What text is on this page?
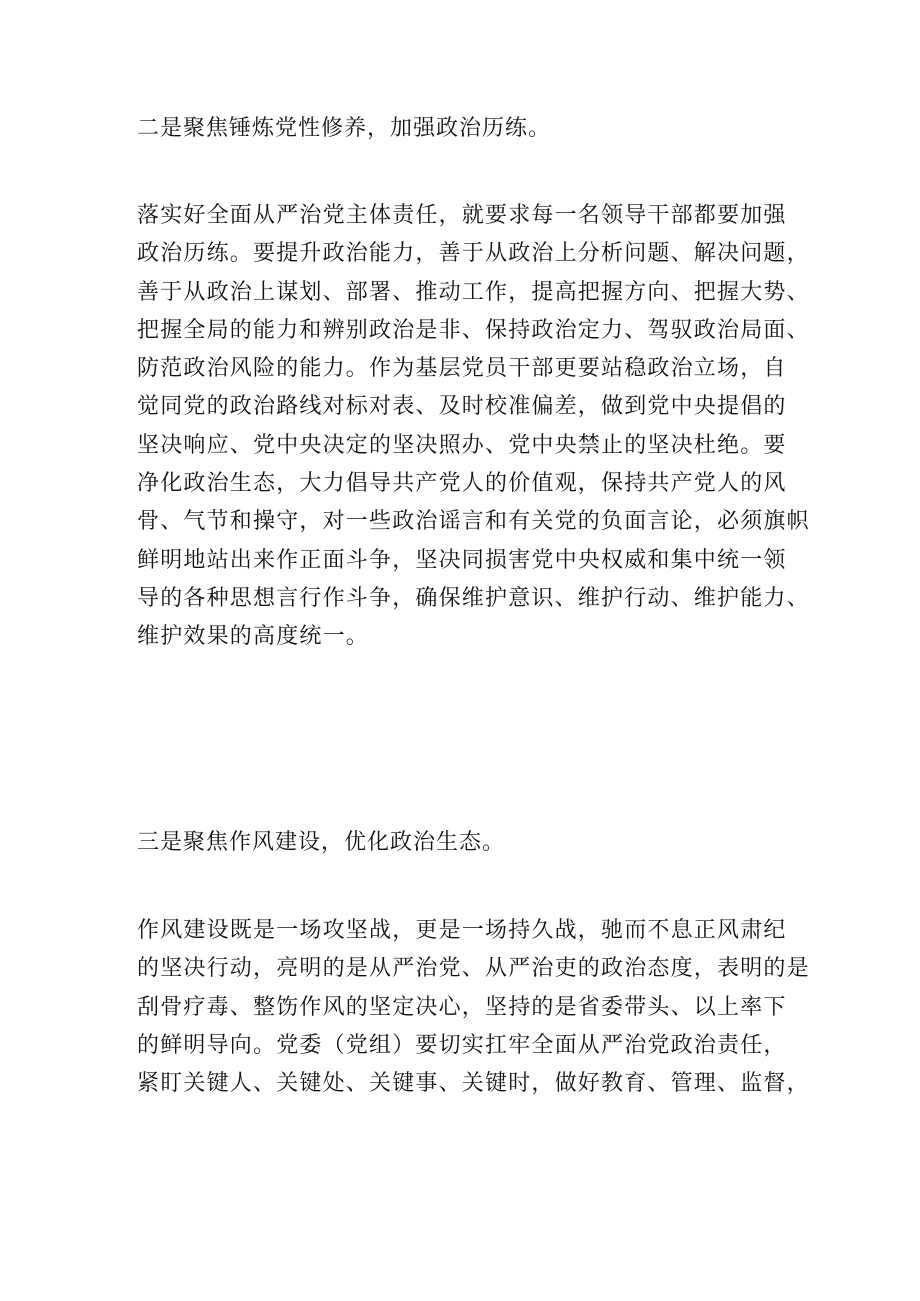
二是聚焦锤炼党性修养，加强政治历练。
落实好全面从严治党主体责任，就要求每一名领导干部都要加强
政治历练。要提升政治能力，善于从政治上分析问题、解决问题，
善于从政治上谋划、部署、推动工作，提高把握方向、把握大势、
把握全局的能力和辨别政治是非、保持政治定力、驾驭政治局面、
防范政治风险的能力。作为基层党员干部更要站稳政治立场，自
觉同党的政治路线对标对表、及时校准偏差，做到党中央提倡的
坚决响应、党中央决定的坚决照办、党中央禁止的坚决杜绝。要
净化政治生态，大力倡导共产党人的价值观，保持共产党人的风
骨、气节和操守，对一些政治谣言和有关党的负面言论，必须旗帜
鲜明地站出来作正面斗争，坚决同损害党中央权威和集中统一领
导的各种思想言行作斗争，确保维护意识、维护行动、维护能力、
维护效果的高度统一。
三是聚焦作风建设，优化政治生态。
作风建设既是一场攻坚战，更是一场持久战，驰而不息正风肃纪
的坚决行动，亮明的是从严治党、从严治吏的政治态度，表明的是
刮骨疗毒、整饬作风的坚定决心，坚持的是省委带头、以上率下
的鲜明导向。党委（党组）要切实扛牢全面从严治党政治责任，
紧盯关键人、关键处、关键事、关键时，做好教育、管理、监督，
